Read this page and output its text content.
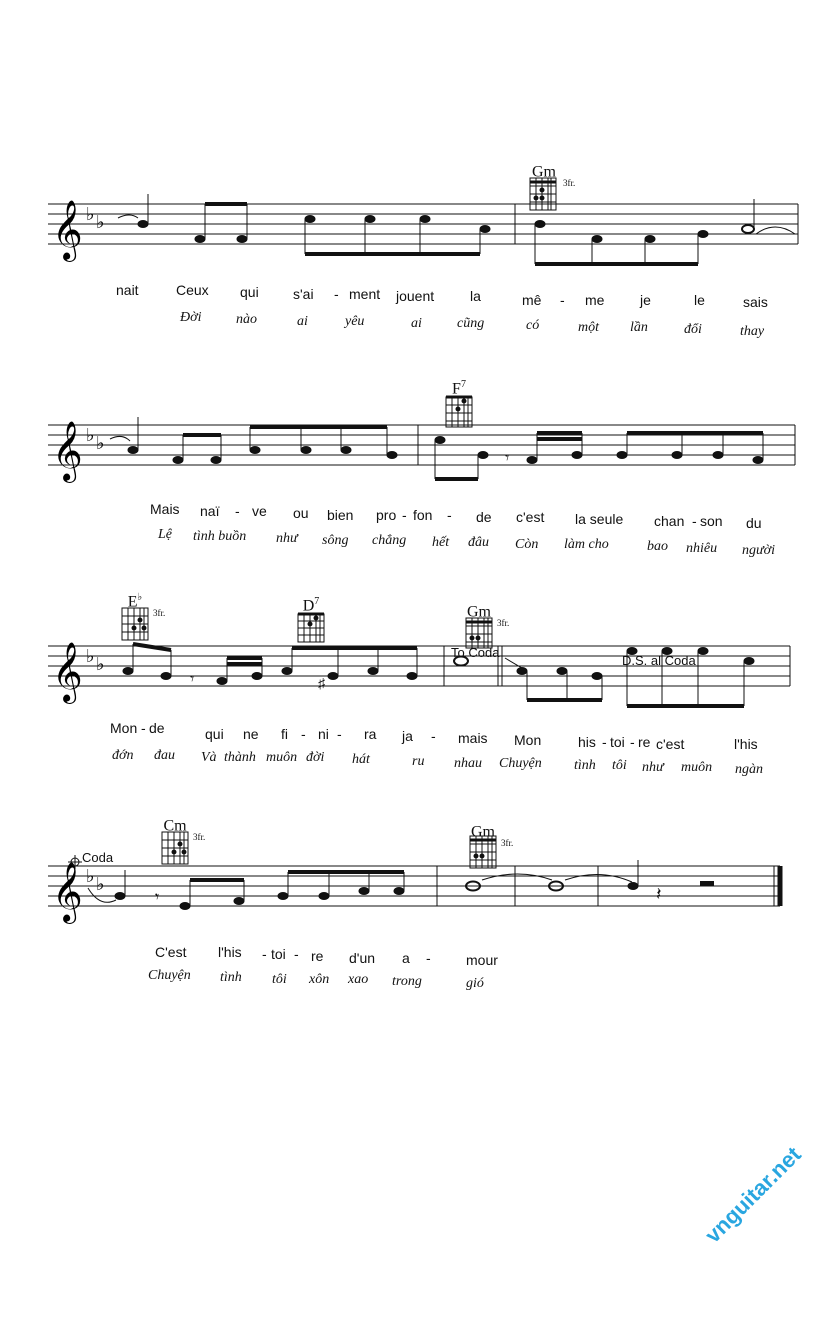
𝄞 ♭ ♭
Gm
3fr.
nait	Ceux qui s'ai - ment jouent	la	mê - me	je	le	sais
Đời nào	ai	yêu	ai	cũng	có	một lần	đổi	thay
𝄞 ♭ ♭
𝄾
$F^7$
Mais naï - ve ou bien pro - fon - de c'est la seule chan - son du
Lệ tình buồn như sông chẳng hết đâu Còn làm cho	bao nhiêu người
𝄞 ♭ ♭
𝄾	♯
E♭
3fr.	$D^7$
Gm
3fr.
To Coda
D.S. al Coda
Mon - de	qui ne fi - ni - ra ja - mais Mon	his - toi - re c'est	l'his
đớn đau Và thành muôn đời hát	ru nhau Chuyện tình tôi như muôn ngàn
𝄞 ♭ ♭
𝄾	𝄽
Cm
3fr.	Gm
3fr.
Coda
C'est l'his - toi - re d'un a -	mour
Chuyện tình tôi xôn xao trong	gió
vnguitar.net
